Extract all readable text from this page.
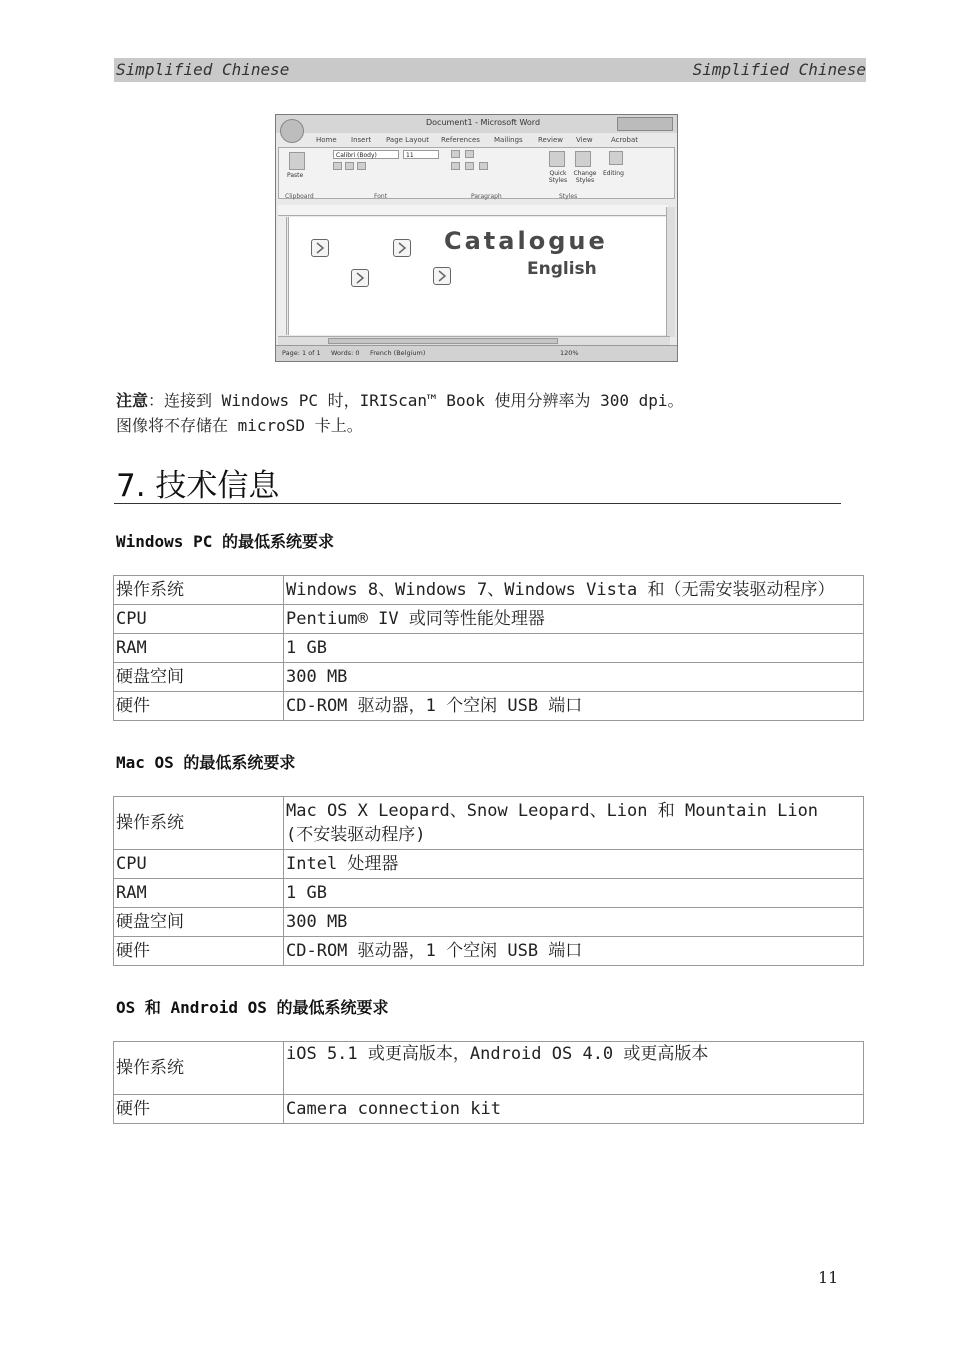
Simplified Chinese	Simplified Chinese
Document1 - Microsoft Word
Home Insert Page Layout References Mailings Review View	Acrobat
Paste
Calibri (Body)	11
Quick Styles
Change Styles
Editing
Clipboard	Font	Paragraph	Styles
Catalogue
English
Page: 1 of 1 Words: 0 French (Belgium)	120%
注意：连接到 Windows PC 时，IRIScan™ Book 使用分辨率为 300 dpi。图像将不存储在 microSD 卡上。
7. 技术信息
Windows PC 的最低系统要求
操作系统	Windows 8、Windows 7、Windows Vista 和（无需安装驱动程序）
CPU	Pentium® IV 或同等性能处理器
RAM	1 GB
硬盘空间	300 MB
硬件	CD-ROM 驱动器，1 个空闲 USB 端口
Mac OS 的最低系统要求
操作系统	Mac OS X Leopard、Snow Leopard、Lion 和 Mountain Lion
(不安装驱动程序)

CPU	Intel 处理器
RAM	1 GB
硬盘空间	300 MB
硬件	CD-ROM 驱动器，1 个空闲 USB 端口
OS 和 Android OS 的最低系统要求
操作系统	iOS 5.1 或更高版本，Android OS 4.0 或更高版本
硬件	Camera connection kit
11
